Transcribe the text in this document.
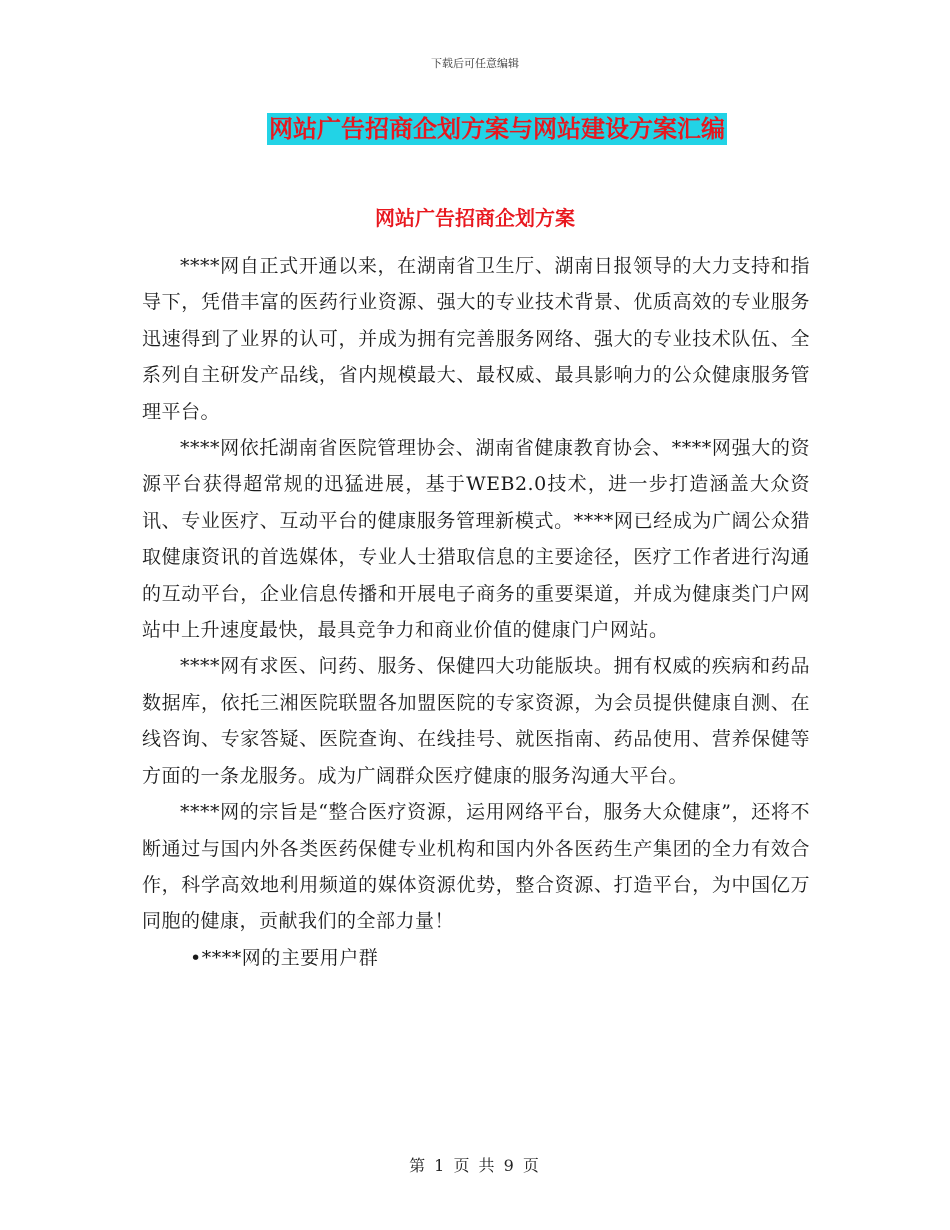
下载后可任意编辑
网站广告招商企划方案与网站建设方案汇编
网站广告招商企划方案

****网自正式开通以来，在湖南省卫生厅、湖南日报领导的大力支持和指导下，凭借丰富的医药行业资源、强大的专业技术背景、优质高效的专业服务迅速得到了业界的认可，并成为拥有完善服务网络、强大的专业技术队伍、全系列自主研发产品线，省内规模最大、最权威、最具影响力的公众健康服务管理平台。

****网依托湖南省医院管理协会、湖南省健康教育协会、****网强大的资源平台获得超常规的迅猛进展，基于WEB2.0技术，进一步打造涵盖大众资讯、专业医疗、互动平台的健康服务管理新模式。****网已经成为广阔公众猎取健康资讯的首选媒体，专业人士猎取信息的主要途径，医疗工作者进行沟通的互动平台，企业信息传播和开展电子商务的重要渠道，并成为健康类门户网站中上升速度最快，最具竞争力和商业价值的健康门户网站。

****网有求医、问药、服务、保健四大功能版块。拥有权威的疾病和药品数据库，依托三湘医院联盟各加盟医院的专家资源，为会员提供健康自测、在线咨询、专家答疑、医院查询、在线挂号、就医指南、药品使用、营养保健等方面的一条龙服务。成为广阔群众医疗健康的服务沟通大平台。

****网的宗旨是“整合医疗资源，运用网络平台，服务大众健康”，还将不断通过与国内外各类医药保健专业机构和国内外各医药生产集团的全力有效合作，科学高效地利用频道的媒体资源优势，整合资源、打造平台，为中国亿万同胞的健康，贡献我们的全部力量！

•****网的主要用户群
第 1 页 共 9 页
